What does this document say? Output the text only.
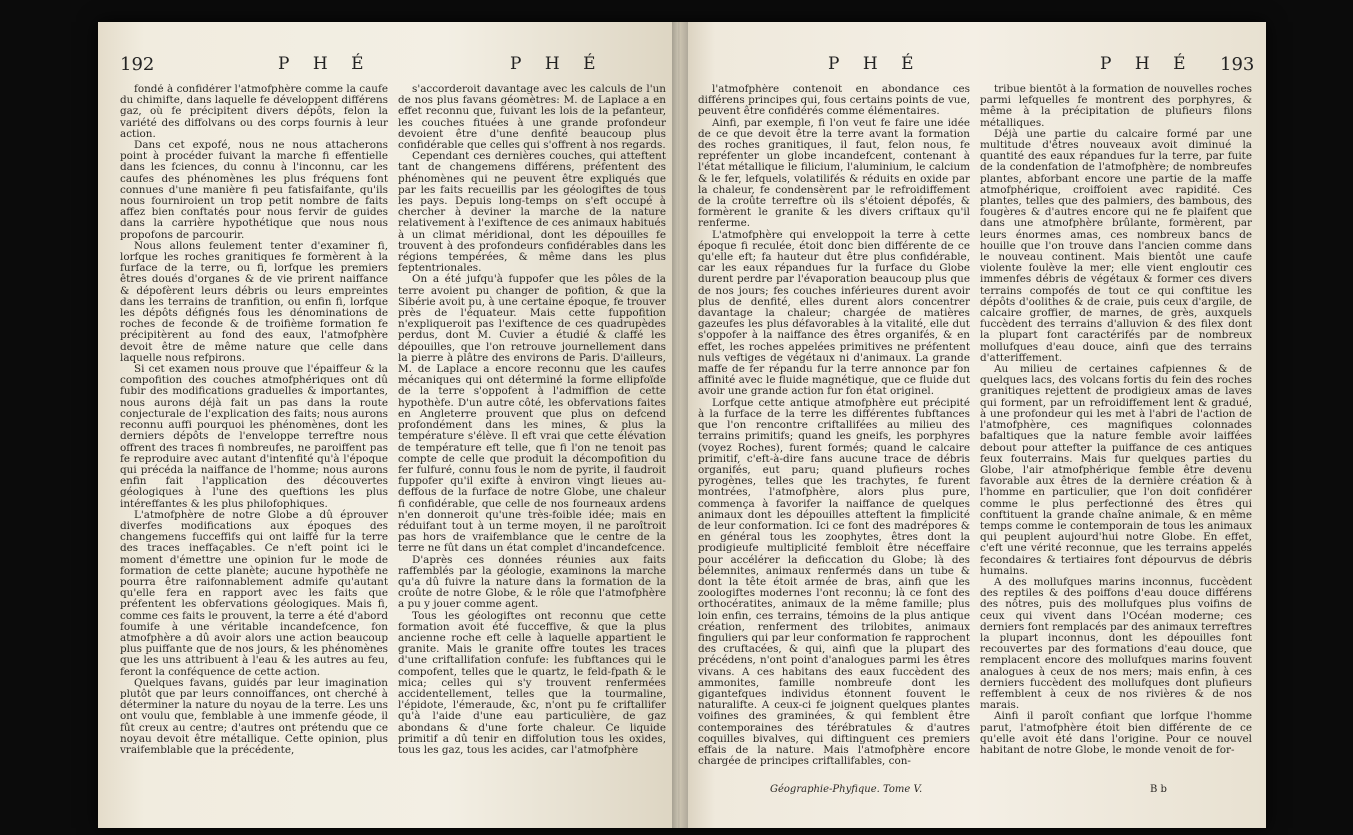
192	P H É	P H É

fondé à confidérer l'atmofphère comme la caufe du chimifte, dans laquelle fe développent différens gaz, où fe précipitent divers dépôts, felon la variété des diffolvans ou des corps fournis à leur action.

Dans cet expofé, nous ne nous attacherons point à procéder fuivant la marche fi effentielle dans les fciences, du connu à l'inconnu, car les caufes des phénomènes les plus fréquens font connues d'une manière fi peu fatisfaifante, qu'ils nous fourniroient un trop petit nombre de faits affez bien conftatés pour nous fervir de guides dans la carrière hypothétique que nous nous propofons de parcourir.

Nous allons feulement tenter d'examiner fi, lorfque les roches granitiques fe formèrent à la furface de la terre, ou fi, lorfque les premiers êtres doués d'organes & de vie prirent naiffance & dépofèrent leurs débris ou leurs empreintes dans les terrains de tranfition, ou enfin fi, lorfque les dépôts défignés fous les dénominations de roches de feconde & de troifième formation fe précipitèrent au fond des eaux, l'atmofphère devoit être de même nature que celle dans laquelle nous refpirons.

Si cet examen nous prouve que l'épaiffeur & la compofition des couches atmofphériques ont dû fubir des modifications graduelles & importantes, nous aurons déjà fait un pas dans la route conjecturale de l'explication des faits; nous aurons reconnu auffi pourquoi les phénomènes, dont les derniers dépôts de l'enveloppe terreftre nous offrent des traces fi nombreufes, ne paroiffent pas fe reproduire avec autant d'intenfité qu'à l'époque qui précéda la naiffance de l'homme; nous aurons enfin fait l'application des découvertes géologiques à l'une des queftions les plus intéreffantes & les plus philofophiques.

L'atmofphère de notre Globe a dû éprouver diverfes modifications aux époques des changemens fucceffifs qui ont laiffé fur la terre des traces ineffaçables. Ce n'eft point ici le moment d'émettre une opinion fur le mode de formation de cette planète; aucune hypothèfe ne pourra être raifonnablement admife qu'autant qu'elle fera en rapport avec les faits que préfentent les obfervations géologiques. Mais fi, comme ces faits le prouvent, la terre a été d'abord foumife à une véritable incandefcence, fon atmofphère a dû avoir alors une action beaucoup plus puiffante que de nos jours, & les phénomènes que les uns attribuent à l'eau & les autres au feu, feront la conféquence de cette action.

Quelques favans, guidés par leur imagination plutôt que par leurs connoiffances, ont cherché à déterminer la nature du noyau de la terre. Les uns ont voulu que, femblable à une immenfe géode, il fût creux au centre; d'autres ont prétendu que ce noyau devoit être métallique. Cette opinion, plus vraifemblable que la précédente,

s'accorderoit davantage avec les calculs de l'un de nos plus favans géomètres: M. de Laplace a en effet reconnu que, fuivant les lois de la pefanteur, les couches fituées à une grande profondeur devoient être d'une denfité beaucoup plus confidérable que celles qui s'offrent à nos regards.

Cependant ces dernières couches, qui atteftent tant de changemens différens, préfentent des phénomènes qui ne peuvent être expliqués que par les faits recueillis par les géologiftes de tous les pays. Depuis long-temps on s'eft occupé à chercher à deviner la marche de la nature relativement à l'exiftence de ces animaux habitués à un climat méridional, dont les dépouilles fe trouvent à des profondeurs confidérables dans les régions tempérées, & même dans les plus feptentrionales.

On a été jufqu'à fuppofer que les pôles de la terre avoient pu changer de pofition, & que la Sibérie avoit pu, à une certaine époque, fe trouver près de l'équateur. Mais cette fuppofition n'expliqueroit pas l'exiftence de ces quadrupèdes perdus, dont M. Cuvier a étudié & claffé les dépouilles, que l'on retrouve journellement dans la pierre à plâtre des environs de Paris. D'ailleurs, M. de Laplace a encore reconnu que les caufes mécaniques qui ont déterminé la forme ellipfoïde de la terre s'oppofent à l'admiffion de cette hypothèfe. D'un autre côté, les obfervations faites en Angleterre prouvent que plus on defcend profondément dans les mines, & plus la température s'élève. Il eft vrai que cette élévation de température eft telle, que fi l'on ne tenoit pas compte de celle que produit la décompofition du fer fulfuré, connu fous le nom de pyrite, il faudroit fuppofer qu'il exifte à environ vingt lieues au-deffous de la furface de notre Globe, une chaleur fi confidérable, que celle de nos fourneaux ardens n'en donneroit qu'une très-foible idée; mais en réduifant tout à un terme moyen, il ne paroîtroit pas hors de vraifemblance que le centre de la terre ne fût dans un état complet d'incandefcence.

D'après ces données réunies aux faits raffemblés par la géologie, examinons la marche qu'a dû fuivre la nature dans la formation de la croûte de notre Globe, & le rôle que l'atmofphère a pu y jouer comme agent.

Tous les géologiftes ont reconnu que cette formation avoit été fucceffive, & que la plus ancienne roche eft celle à laquelle appartient le granite. Mais le granite offre toutes les traces d'une criftallifation confufe: les fubftances qui le compofent, telles que le quartz, le feld-fpath & le mica; celles qui s'y trouvent renfermées accidentellement, telles que la tourmaline, l'épidote, l'émeraude, &c, n'ont pu fe criftallifer qu'à l'aide d'une eau particulière, de gaz abondans & d'une forte chaleur. Ce liquide primitif a dû tenir en diffolution tous les oxides, tous les gaz, tous les acides, car l'atmofphère

P H É	P H É 193

l'atmofphère contenoit en abondance ces différens principes qui, fous certains points de vue, peuvent être confidérés comme élémentaires.

Ainfi, par exemple, fi l'on veut fe faire une idée de ce que devoit être la terre avant la formation des roches granitiques, il faut, felon nous, fe repréfenter un globe incandefcent, contenant à l'état métallique le filicium, l'aluminium, le calcium & le fer, lefquels, volatilifés & réduits en oxide par la chaleur, fe condensèrent par le refroidiffement de la croûte terreftre où ils s'étoient dépofés, & formèrent le granite & les divers criftaux qu'il renferme.

L'atmofphère qui enveloppoit la terre à cette époque fi reculée, étoit donc bien différente de ce qu'elle eft; fa hauteur dut être plus confidérable, car les eaux répandues fur la furface du Globe durent perdre par l'évaporation beaucoup plus que de nos jours; fes couches inférieures durent avoir plus de denfité, elles durent alors concentrer davantage la chaleur; chargée de matières gazeufes les plus défavorables à la vitalité, elle dut s'oppofer à la naiffance des êtres organifés, & en effet, les roches appelées primitives ne préfentent nuls veftiges de végétaux ni d'animaux. La grande maffe de fer répandu fur la terre annonce par fon affinité avec le fluide magnétique, que ce fluide dut avoir une grande action fur fon état originel.

Lorfque cette antique atmofphère eut précipité à la furface de la terre les différentes fubftances que l'on rencontre criftallifées au milieu des terrains primitifs; quand les gneifs, les porphyres (voyez Roches), furent formés; quand le calcaire primitif, c'eft-à-dire fans aucune trace de débris organifés, eut paru; quand plufieurs roches pyrogènes, telles que les trachytes, fe furent montrées, l'atmofphère, alors plus pure, commença à favorifer la naiffance de quelques animaux dont les dépouilles atteftent la fimplicité de leur conformation. Ici ce font des madrépores & en général tous les zoophytes, êtres dont la prodigieufe multiplicité fembloit être néceffaire pour accélérer la deficcation du Globe; là des bélemnites, animaux renfermés dans un tube & dont la tête étoit armée de bras, ainfi que les zoologiftes modernes l'ont reconnu; là ce font des orthocératites, animaux de la même famille; plus loin enfin, ces terrains, témoins de la plus antique création, renferment des trilobites, animaux finguliers qui par leur conformation fe rapprochent des cruftacées, & qui, ainfi que la plupart des précédens, n'ont point d'analogues parmi les êtres vivans. A ces habitans des eaux fuccèdent des ammonites, famille nombreufe dont les gigantefques individus étonnent fouvent le naturalifte. A ceux-ci fe joignent quelques plantes voifines des graminées, & qui femblent être contemporaines des térébratules & d'autres coquilles bivalves, qui diftinguent ces premiers effais de la nature. Mais l'atmofphère encore chargée de principes criftallifables, con-

tribue bientôt à la formation de nouvelles roches parmi lefquelles fe montrent des porphyres, & même à la précipitation de plufieurs filons métalliques.

Déjà une partie du calcaire formé par une multitude d'êtres nouveaux avoit diminué la quantité des eaux répandues fur la terre, par fuite de la condenfation de l'atmofphère; de nombreufes plantes, abforbant encore une partie de la maffe atmofphérique, croiffoient avec rapidité. Ces plantes, telles que des palmiers, des bambous, des fougères & d'autres encore qui ne fe plaifent que dans une atmofphère brûlante, formèrent, par leurs énormes amas, ces nombreux bancs de houille que l'on trouve dans l'ancien comme dans le nouveau continent. Mais bientôt une caufe violente foulève la mer; elle vient engloutir ces immenfes débris de végétaux & former ces divers terrains compofés de tout ce qui conftitue les dépôts d'oolithes & de craie, puis ceux d'argile, de calcaire groffier, de marnes, de grès, auxquels fuccèdent des terrains d'alluvion & des filex dont la plupart font caractérifés par de nombreux mollufques d'eau douce, ainfi que des terrains d'atteriffement.

Au milieu de certaines cafpiennes & de quelques lacs, des volcans fortis du fein des roches granitiques rejettent de prodigieux amas de laves qui forment, par un refroidiffement lent & gradué, à une profondeur qui les met à l'abri de l'action de l'atmofphère, ces magnifiques colonnades bafaltiques que la nature femble avoir laiffées debout pour attefter la puiffance de ces antiques feux fouterrains. Mais fur quelques parties du Globe, l'air atmofphérique femble être devenu favorable aux êtres de la dernière création & à l'homme en particulier, que l'on doit confidérer comme le plus perfectionné des êtres qui conftituent la grande chaîne animale, & en même temps comme le contemporain de tous les animaux qui peuplent aujourd'hui notre Globe. En effet, c'eft une vérité reconnue, que les terrains appelés fecondaires & tertiaires font dépourvus de débris humains.

A des mollufques marins inconnus, fuccèdent des reptiles & des poiffons d'eau douce différens des nôtres, puis des mollufques plus voifins de ceux qui vivent dans l'Océan moderne; ces derniers font remplacés par des animaux terreftres la plupart inconnus, dont les dépouilles font recouvertes par des formations d'eau douce, que remplacent encore des mollufques marins fouvent analogues à ceux de nos mers; mais enfin, à ces derniers fuccèdent des mollufques dont plufieurs reffemblent à ceux de nos rivières & de nos marais.

Ainfi il paroît confiant que lorfque l'homme parut, l'atmofphère étoit bien différente de ce qu'elle avoit été dans l'origine. Pour ce nouvel habitant de notre Globe, le monde venoit de for-

Géographie-Phyfique. Tome V.	B b
